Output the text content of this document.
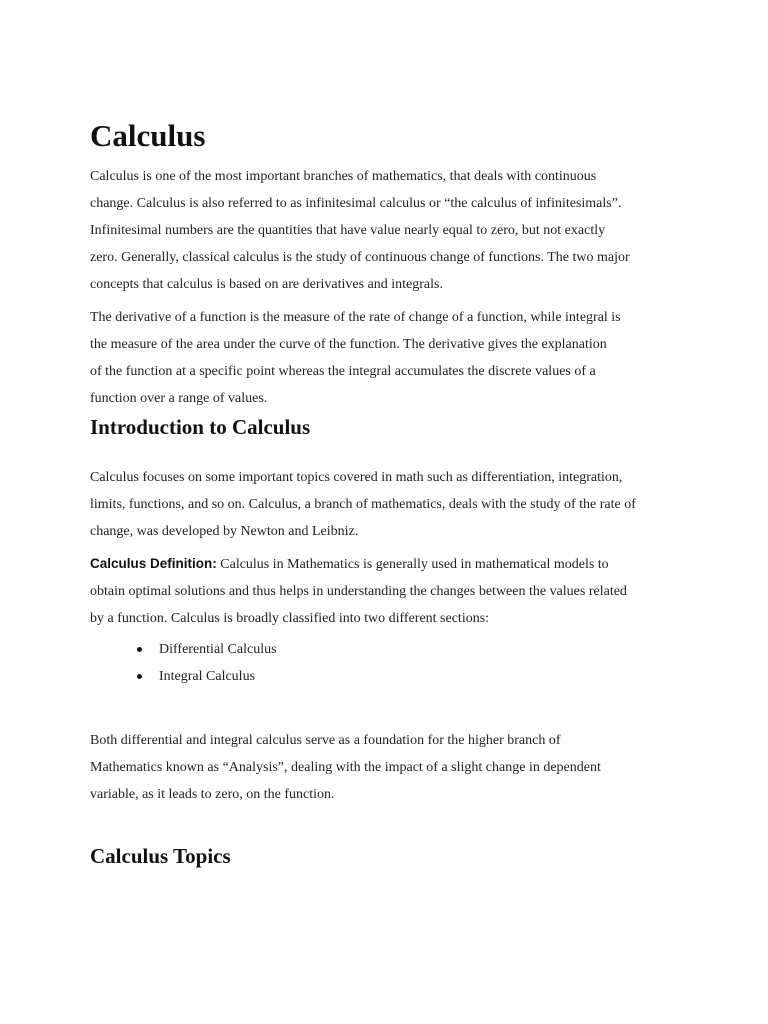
Calculus

Calculus is one of the most important branches of mathematics, that deals with continuous
change. Calculus is also referred to as infinitesimal calculus or “the calculus of infinitesimals”.
Infinitesimal numbers are the quantities that have value nearly equal to zero, but not exactly
zero. Generally, classical calculus is the study of continuous change of functions. The two major
concepts that calculus is based on are derivatives and integrals.

The derivative of a function is the measure of the rate of change of a function, while integral is
the measure of the area under the curve of the function. The derivative gives the explanation
of the function at a specific point whereas the integral accumulates the discrete values of a
function over a range of values.

Introduction to Calculus

Calculus focuses on some important topics covered in math such as differentiation, integration,
limits, functions, and so on. Calculus, a branch of mathematics, deals with the study of the rate of
change, was developed by Newton and Leibniz.

Calculus Definition: Calculus in Mathematics is generally used in mathematical models to
obtain optimal solutions and thus helps in understanding the changes between the values related
by a function. Calculus is broadly classified into two different sections:

Differential Calculus
Integral Calculus

Both differential and integral calculus serve as a foundation for the higher branch of
Mathematics known as “Analysis”, dealing with the impact of a slight change in dependent
variable, as it leads to zero, on the function.

Calculus Topics
